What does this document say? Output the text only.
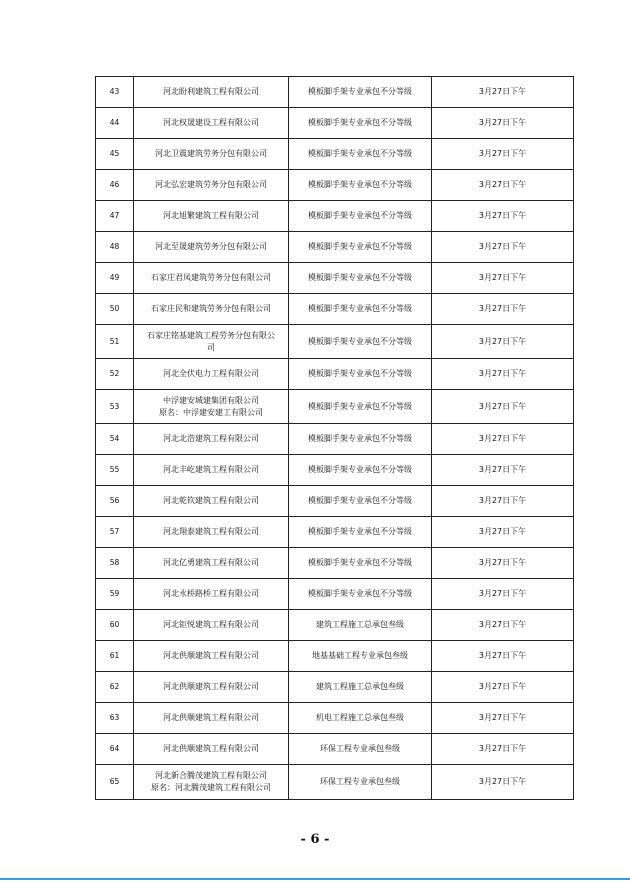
43	河北盼利建筑工程有限公司	模板脚手架专业承包不分等级	3月27日下午
44	河北权晟建设工程有限公司	模板脚手架专业承包不分等级	3月27日下午
45	河北卫震建筑劳务分包有限公司	模板脚手架专业承包不分等级	3月27日下午
46	河北弘宏建筑劳务分包有限公司	模板脚手架专业承包不分等级	3月27日下午
47	河北旭繁建筑工程有限公司	模板脚手架专业承包不分等级	3月27日下午
48	河北至晟建筑劳务分包有限公司	模板脚手架专业承包不分等级	3月27日下午
49	石家庄君凤建筑劳务分包有限公司	模板脚手架专业承包不分等级	3月27日下午
50	石家庄民和建筑劳务分包有限公司	模板脚手架专业承包不分等级	3月27日下午
51	石家庄铭基建筑工程劳务分包有限公
司	模板脚手架专业承包不分等级	3月27日下午
52	河北全伏电力工程有限公司	模板脚手架专业承包不分等级	3月27日下午
53	中浮建安城建集团有限公司
原名：中浮建安建工有限公司	模板脚手架专业承包不分等级	3月27日下午
54	河北北浩建筑工程有限公司	模板脚手架专业承包不分等级	3月27日下午
55	河北丰屹建筑工程有限公司	模板脚手架专业承包不分等级	3月27日下午
56	河北乾钦建筑工程有限公司	模板脚手架专业承包不分等级	3月27日下午
57	河北翔泰建筑工程有限公司	模板脚手架专业承包不分等级	3月27日下午
58	河北亿勇建筑工程有限公司	模板脚手架专业承包不分等级	3月27日下午
59	河北永桥路桥工程有限公司	模板脚手架专业承包不分等级	3月27日下午
60	河北钜悦建筑工程有限公司	建筑工程施工总承包叁级	3月27日下午
61	河北供顺建筑工程有限公司	地基基础工程专业承包叁级	3月27日下午
62	河北供顺建筑工程有限公司	建筑工程施工总承包叁级	3月27日下午
63	河北供顺建筑工程有限公司	机电工程施工总承包叁级	3月27日下午
64	河北供顺建筑工程有限公司	环保工程专业承包叁级	3月27日下午
65	河北新合腾茂建筑工程有限公司
原名：河北腾茂建筑工程有限公司	环保工程专业承包叁级	3月27日下午
- 6 -
